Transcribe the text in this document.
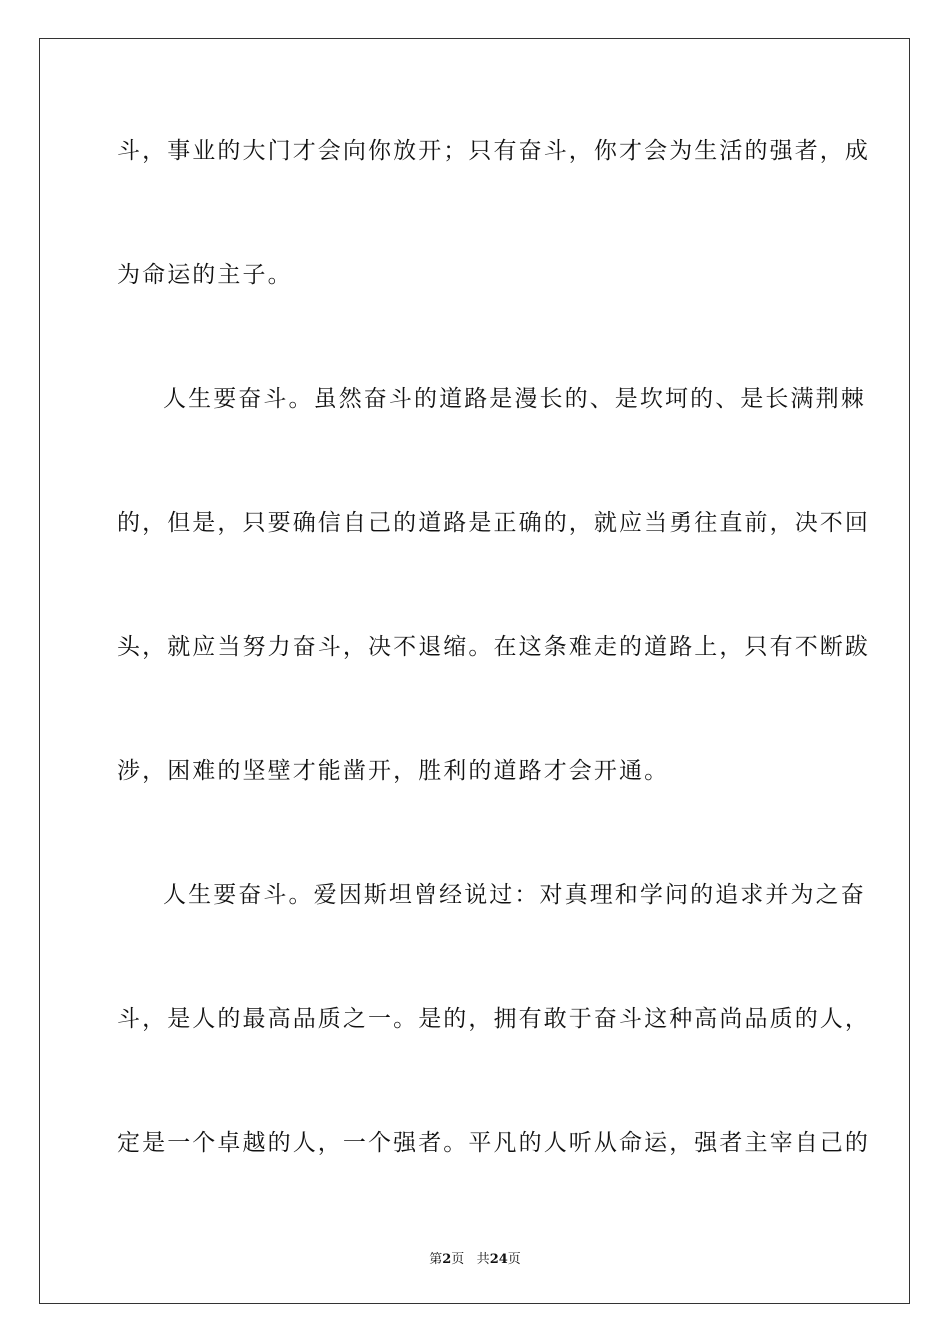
斗，事业的大门才会向你放开；只有奋斗，你才会为生活的强者，成
为命运的主子。
人生要奋斗。虽然奋斗的道路是漫长的、是坎坷的、是长满荆棘
的，但是，只要确信自己的道路是正确的，就应当勇往直前，决不回
头，就应当努力奋斗，决不退缩。在这条难走的道路上，只有不断跋
涉，困难的坚壁才能凿开，胜利的道路才会开通。
人生要奋斗。爱因斯坦曾经说过：对真理和学问的追求并为之奋
斗，是人的最高品质之一。是的，拥有敢于奋斗这种高尚品质的人，
定是一个卓越的人，一个强者。平凡的人听从命运，强者主宰自己的
第2页 共24页
